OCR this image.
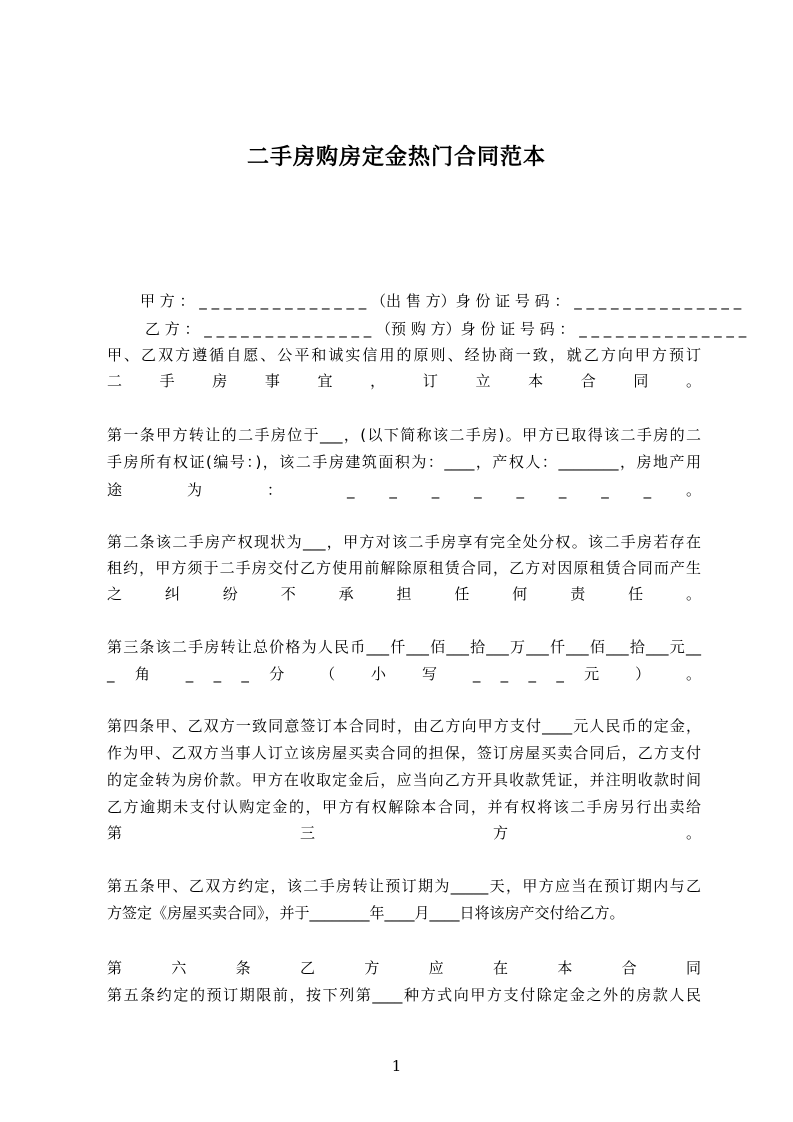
二手房购房定金热门合同范本
甲 方 ： _ _ _ _ _ _ _ _ _ _ _ _ _ _ （出 售 方）身 份 证 号 码 ： _ _ _ _ _ _ _ _ _ _ _ _ _ _
乙 方 ： _ _ _ _ _ _ _ _ _ _ _ _ _ _ （预 购 方）身 份 证 号 码 ： _ _ _ _ _ _ _ _ _ _ _ _ _ _
甲、乙双方遵循自愿、公平和诚实信用的原则、经协商一致，就乙方向甲方预订
二 手 房 事 宜 ， 订 立 本 合 同 。
第一条甲方转让的二手房位于___，(以下简称该二手房)。甲方已取得该二手房的二
手房所有权证(编号：)，该二手房建筑面积为：____，产权人：________，房地产用
途 为 ： _ _ _ _ _ _ _ _ 。
第二条该二手房产权现状为___，甲方对该二手房享有完全处分权。该二手房若存在
租约，甲方须于二手房交付乙方使用前解除原租赁合同，乙方对因原租赁合同而产生
之 纠 纷 不 承 担 任 何 责 任 。
第三条该二手房转让总价格为人民币___仟___佰___拾___万___仟___佰___拾___元__
_ 角 _ _ _ 分 （ 小 写 _ _ _ _ 元 ） 。
第四条甲、乙双方一致同意签订本合同时，由乙方向甲方支付____元人民币的定金，
作为甲、乙双方当事人订立该房屋买卖合同的担保，签订房屋买卖合同后，乙方支付
的定金转为房价款。甲方在收取定金后，应当向乙方开具收款凭证，并注明收款时间
乙方逾期未支付认购定金的，甲方有权解除本合同，并有权将该二手房另行出卖给
第 三 方 。
第五条甲、乙双方约定，该二手房转让预订期为_____天，甲方应当在预订期内与乙
方签定《房屋买卖合同》，并于________年____月____日将该房产交付给乙方。
第 六 条 乙 方 应 在 本 合 同
第五条约定的预订期限前，按下列第____种方式向甲方支付除定金之外的房款人民
1
